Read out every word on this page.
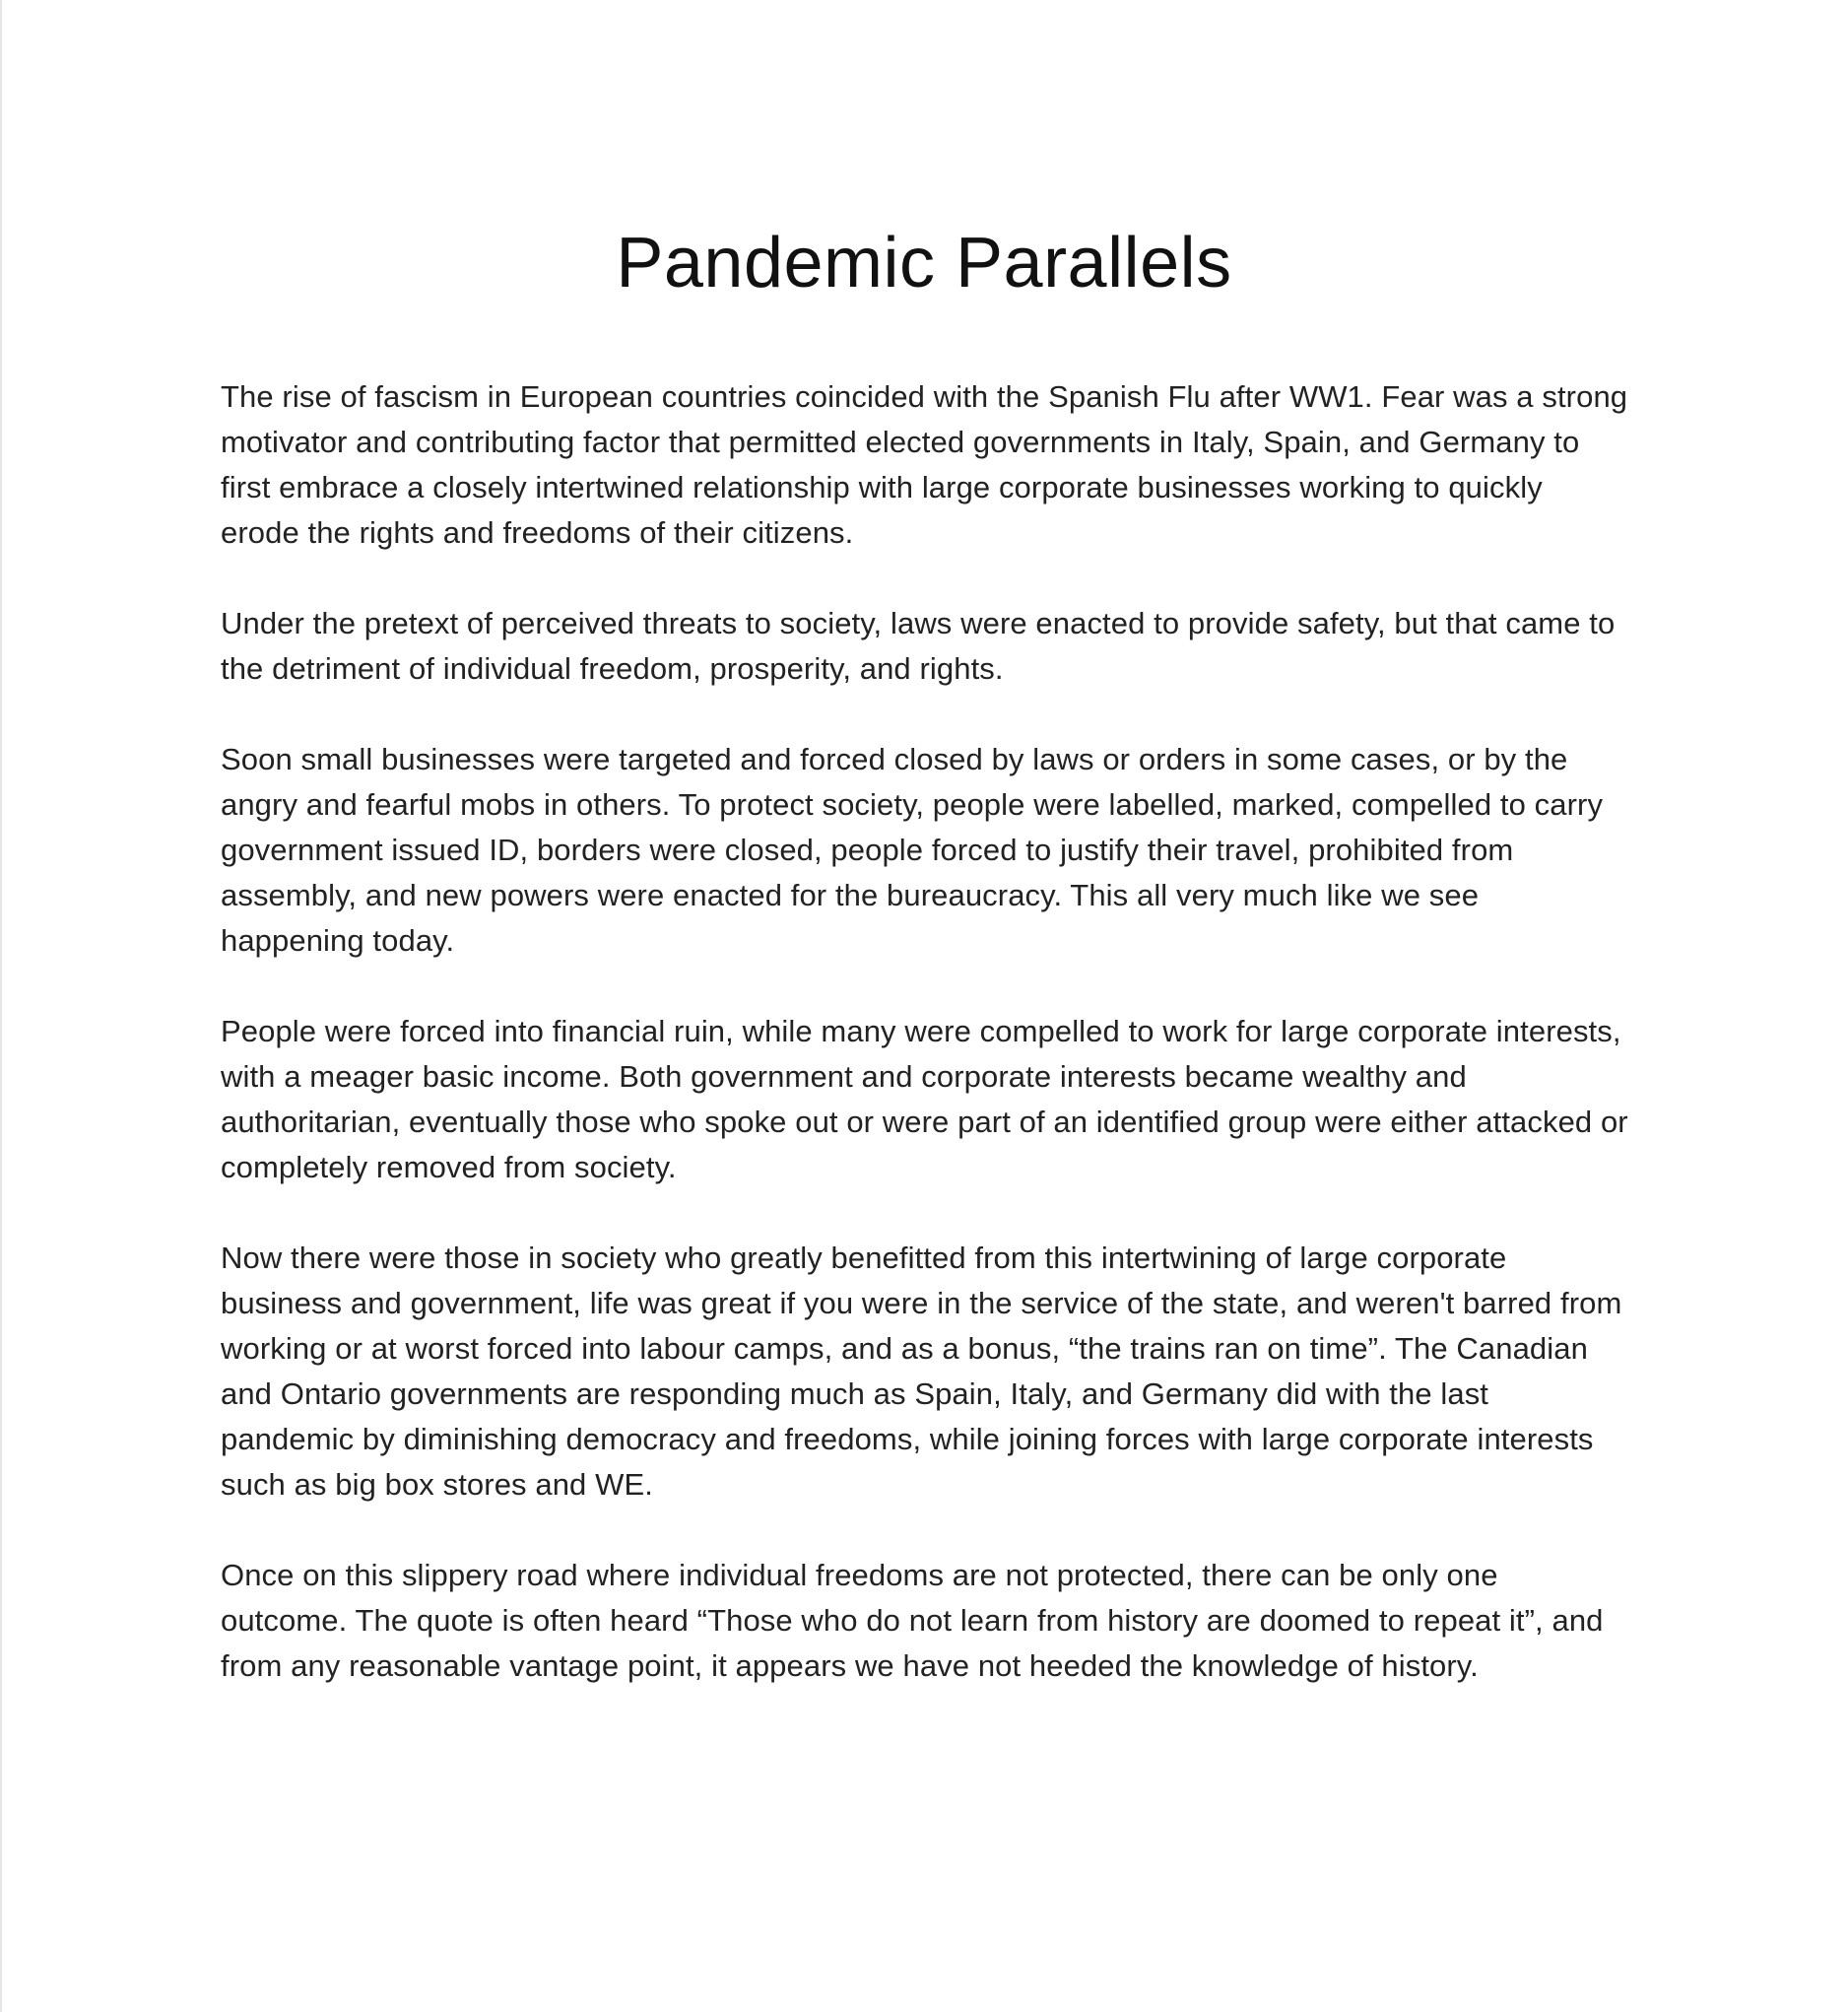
Pandemic Parallels

The rise of fascism in European countries coincided with the Spanish Flu after WW1. Fear was a strong motivator and contributing factor that permitted elected governments in Italy, Spain, and Germany to first embrace a closely intertwined relationship with large corporate businesses working to quickly erode the rights and freedoms of their citizens.

Under the pretext of perceived threats to society, laws were enacted to provide safety, but that came to the detriment of individual freedom, prosperity, and rights.

Soon small businesses were targeted and forced closed by laws or orders in some cases, or by the angry and fearful mobs in others. To protect society, people were labelled, marked, compelled to carry government issued ID, borders were closed, people forced to justify their travel, prohibited from assembly, and new powers were enacted for the bureaucracy. This all very much like we see happening today.

People were forced into financial ruin, while many were compelled to work for large corporate interests, with a meager basic income. Both government and corporate interests became wealthy and authoritarian, eventually those who spoke out or were part of an identified group were either attacked or completely removed from society.

Now there were those in society who greatly benefitted from this intertwining of large corporate business and government, life was great if you were in the service of the state, and weren't barred from working or at worst forced into labour camps, and as a bonus, “the trains ran on time”. The Canadian and Ontario governments are responding much as Spain, Italy, and Germany did with the last pandemic by diminishing democracy and freedoms, while joining forces with large corporate interests such as big box stores and WE.

Once on this slippery road where individual freedoms are not protected, there can be only one outcome. The quote is often heard “Those who do not learn from history are doomed to repeat it”, and from any reasonable vantage point, it appears we have not heeded the knowledge of history.
